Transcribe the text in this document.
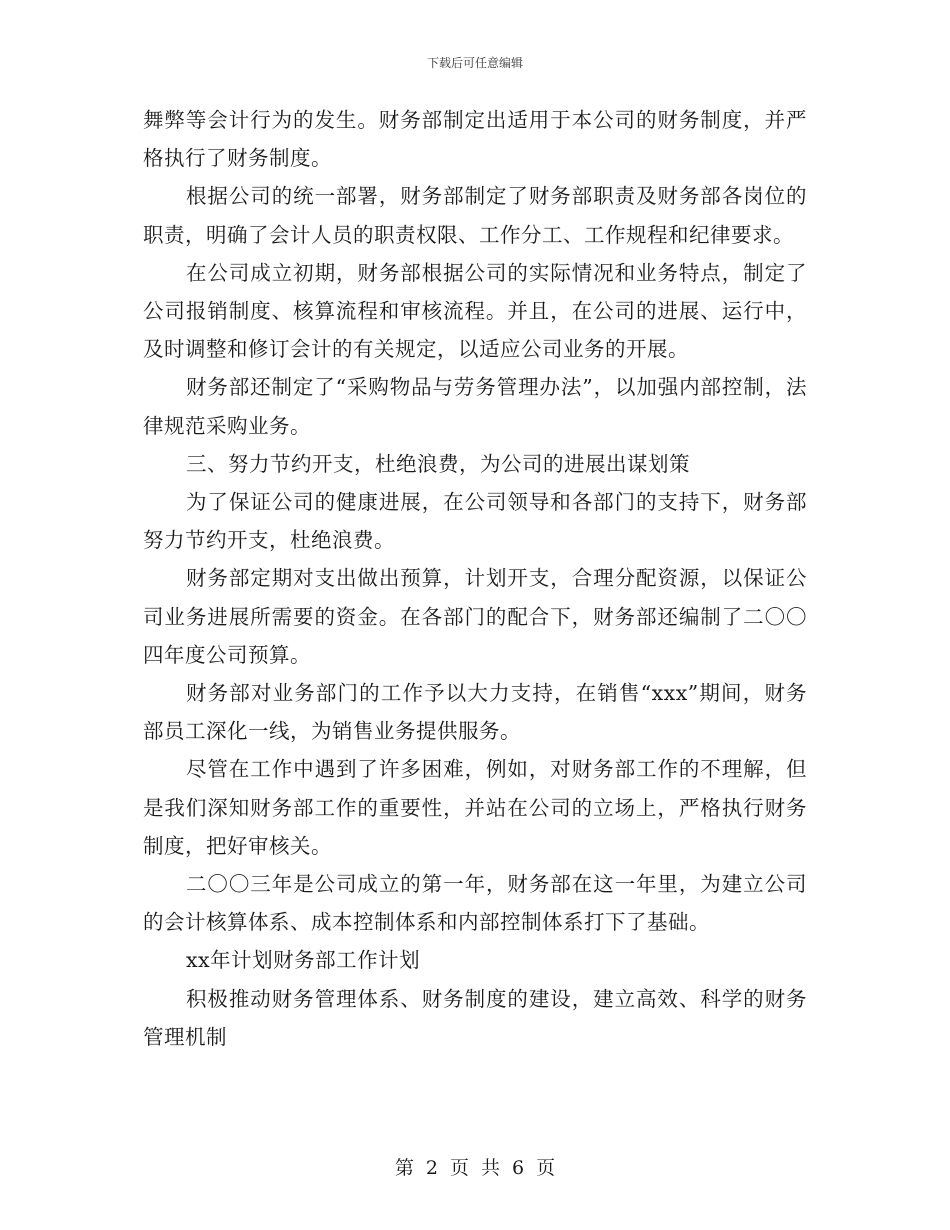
下载后可任意编辑

舞弊等会计行为的发生。财务部制定出适用于本公司的财务制度，并严格执行了财务制度。

根据公司的统一部署，财务部制定了财务部职责及财务部各岗位的职责，明确了会计人员的职责权限、工作分工、工作规程和纪律要求。

在公司成立初期，财务部根据公司的实际情况和业务特点，制定了公司报销制度、核算流程和审核流程。并且，在公司的进展、运行中，及时调整和修订会计的有关规定，以适应公司业务的开展。

财务部还制定了“采购物品与劳务管理办法”，以加强内部控制，法律规范采购业务。

三、努力节约开支，杜绝浪费，为公司的进展出谋划策

为了保证公司的健康进展，在公司领导和各部门的支持下，财务部努力节约开支，杜绝浪费。

财务部定期对支出做出预算，计划开支，合理分配资源，以保证公司业务进展所需要的资金。在各部门的配合下，财务部还编制了二〇〇四年度公司预算。

财务部对业务部门的工作予以大力支持，在销售“xxx”期间，财务部员工深化一线，为销售业务提供服务。

尽管在工作中遇到了许多困难，例如，对财务部工作的不理解，但是我们深知财务部工作的重要性，并站在公司的立场上，严格执行财务制度，把好审核关。

二〇〇三年是公司成立的第一年，财务部在这一年里，为建立公司的会计核算体系、成本控制体系和内部控制体系打下了基础。

xx年计划财务部工作计划

积极推动财务管理体系、财务制度的建设，建立高效、科学的财务管理机制

第 2 页 共 6 页
